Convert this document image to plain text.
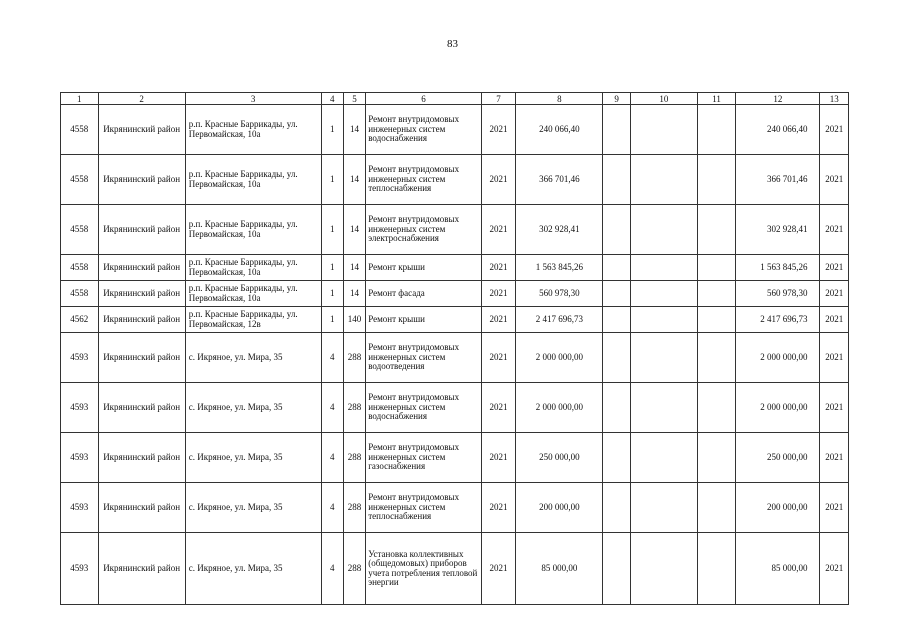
83
1	2	3	4	5	6	7	8	9	10	11	12	13
4558	Икрянинский район	р.п. Красные Баррикады, ул. Первомайская, 10а	1	14	Ремонт внутридомовых инженерных систем водоснабжения	2021	240 066,40				240 066,40	2021
4558	Икрянинский район	р.п. Красные Баррикады, ул. Первомайская, 10а	1	14	Ремонт внутридомовых инженерных систем теплоснабжения	2021	366 701,46				366 701,46	2021
4558	Икрянинский район	р.п. Красные Баррикады, ул. Первомайская, 10а	1	14	Ремонт внутридомовых инженерных систем электроснабжения	2021	302 928,41				302 928,41	2021
4558	Икрянинский район	р.п. Красные Баррикады, ул. Первомайская, 10а	1	14	Ремонт крыши	2021	1 563 845,26				1 563 845,26	2021
4558	Икрянинский район	р.п. Красные Баррикады, ул. Первомайская, 10а	1	14	Ремонт фасада	2021	560 978,30				560 978,30	2021
4562	Икрянинский район	р.п. Красные Баррикады, ул. Первомайская, 12в	1	140	Ремонт крыши	2021	2 417 696,73				2 417 696,73	2021
4593	Икрянинский район	с. Икряное, ул. Мира, 35	4	288	Ремонт внутридомовых инженерных систем водоотведения	2021	2 000 000,00				2 000 000,00	2021
4593	Икрянинский район	с. Икряное, ул. Мира, 35	4	288	Ремонт внутридомовых инженерных систем водоснабжения	2021	2 000 000,00				2 000 000,00	2021
4593	Икрянинский район	с. Икряное, ул. Мира, 35	4	288	Ремонт внутридомовых инженерных систем газоснабжения	2021	250 000,00				250 000,00	2021
4593	Икрянинский район	с. Икряное, ул. Мира, 35	4	288	Ремонт внутридомовых инженерных систем теплоснабжения	2021	200 000,00				200 000,00	2021
4593	Икрянинский район	с. Икряное, ул. Мира, 35	4	288	Установка коллективных (общедомовых) приборов учета потребления тепловой энергии	2021	85 000,00				85 000,00	2021
